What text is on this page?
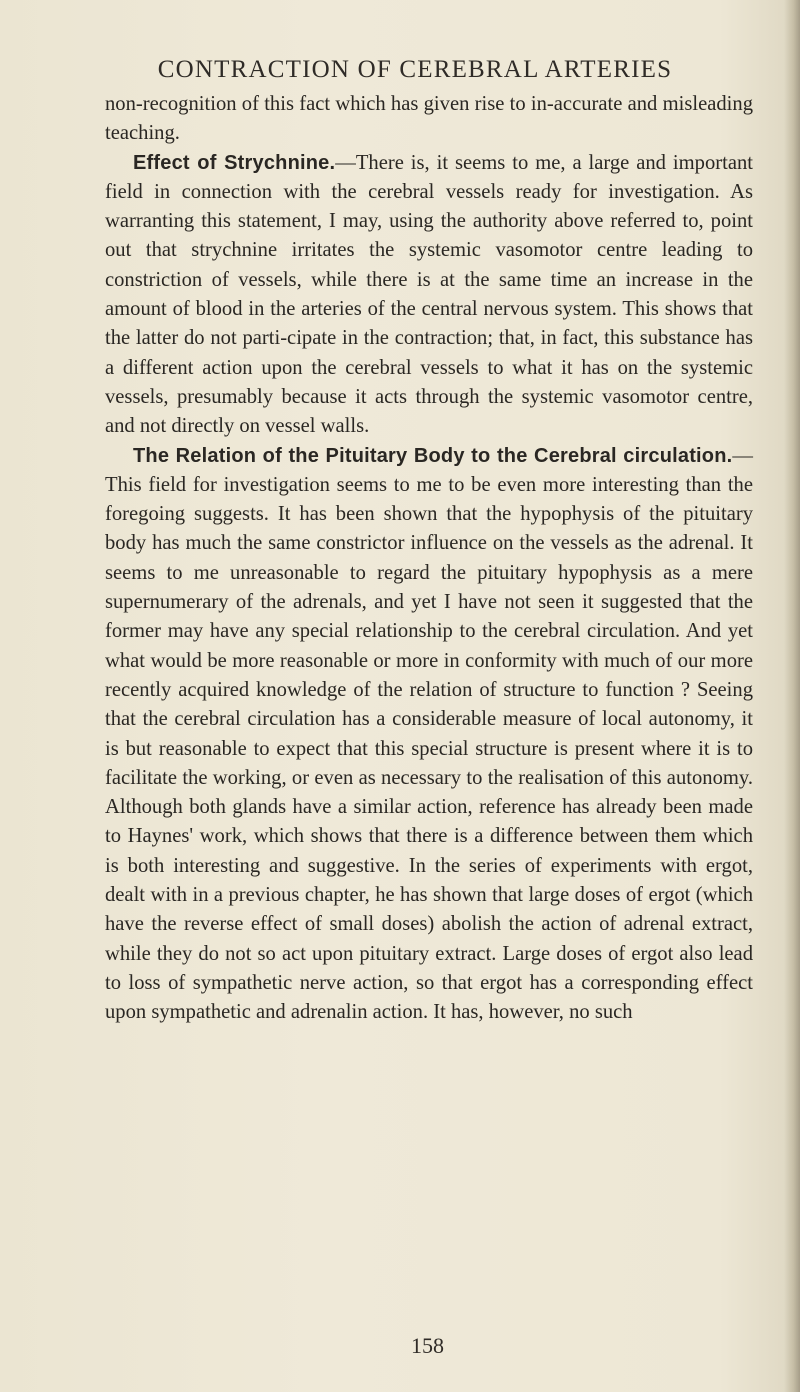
CONTRACTION OF CEREBRAL ARTERIES

non-recognition of this fact which has given rise to in-accurate and misleading teaching.

Effect of Strychnine.—There is, it seems to me, a large and important field in connection with the cerebral vessels ready for investigation. As warranting this statement, I may, using the authority above referred to, point out that strychnine irritates the systemic vasomotor centre leading to constriction of vessels, while there is at the same time an increase in the amount of blood in the arteries of the central nervous system. This shows that the latter do not parti-cipate in the contraction; that, in fact, this substance has a different action upon the cerebral vessels to what it has on the systemic vessels, presumably because it acts through the systemic vasomotor centre, and not directly on vessel walls.

The Relation of the Pituitary Body to the Cerebral circulation.—This field for investigation seems to me to be even more interesting than the foregoing suggests. It has been shown that the hypophysis of the pituitary body has much the same constrictor influence on the vessels as the adrenal. It seems to me unreasonable to regard the pituitary hypophysis as a mere supernumerary of the adrenals, and yet I have not seen it suggested that the former may have any special relationship to the cerebral circulation. And yet what would be more reasonable or more in conformity with much of our more recently acquired knowledge of the relation of structure to function ? Seeing that the cerebral circulation has a considerable measure of local autonomy, it is but reasonable to expect that this special structure is present where it is to facilitate the working, or even as necessary to the realisation of this autonomy. Although both glands have a similar action, reference has already been made to Haynes' work, which shows that there is a difference between them which is both interesting and suggestive. In the series of experiments with ergot, dealt with in a previous chapter, he has shown that large doses of ergot (which have the reverse effect of small doses) abolish the action of adrenal extract, while they do not so act upon pituitary extract. Large doses of ergot also lead to loss of sympathetic nerve action, so that ergot has a corresponding effect upon sympathetic and adrenalin action. It has, however, no such

158
